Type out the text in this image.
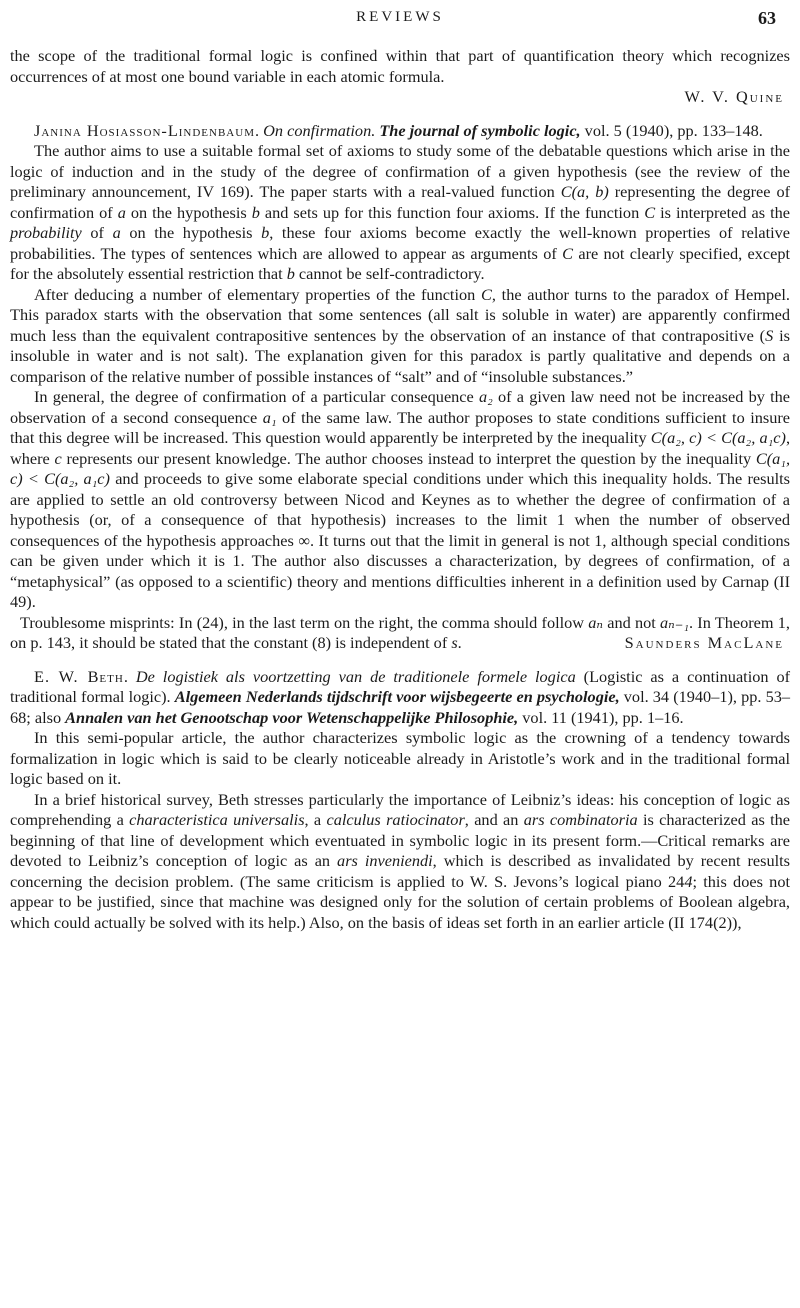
REVIEWS	63

the scope of the traditional formal logic is confined within that part of quantification theory which recognizes occurrences of at most one bound variable in each atomic formula.

W. V. Quine

Janina Hosiasson-Lindenbaum. On confirmation. The journal of symbolic logic, vol. 5 (1940), pp. 133–148.

The author aims to use a suitable formal set of axioms to study some of the debatable questions which arise in the logic of induction and in the study of the degree of confirmation of a given hypothesis (see the review of the preliminary announcement, IV 169). The paper starts with a real-valued function C(a, b) representing the degree of confirmation of a on the hypothesis b and sets up for this function four axioms. If the function C is interpreted as the probability of a on the hypothesis b, these four axioms become exactly the well-known properties of relative probabilities. The types of sentences which are allowed to appear as arguments of C are not clearly specified, except for the absolutely essential restriction that b cannot be self-contradictory.

After deducing a number of elementary properties of the function C, the author turns to the paradox of Hempel. This paradox starts with the observation that some sentences (all salt is soluble in water) are apparently confirmed much less than the equivalent contrapositive sentences by the observation of an instance of that contrapositive (S is insoluble in water and is not salt). The explanation given for this paradox is partly qualitative and depends on a comparison of the relative number of possible instances of “salt” and of “insoluble substances.”

In general, the degree of confirmation of a particular consequence a₂ of a given law need not be increased by the observation of a second consequence a₁ of the same law. The author proposes to state conditions sufficient to insure that this degree will be increased. This question would apparently be interpreted by the inequality C(a₂, c) < C(a₂, a₁c), where c represents our present knowledge. The author chooses instead to interpret the question by the inequality C(a₁, c) < C(a₂, a₁c) and proceeds to give some elaborate special conditions under which this inequality holds. The results are applied to settle an old controversy between Nicod and Keynes as to whether the degree of confirmation of a hypothesis (or, of a consequence of that hypothesis) increases to the limit 1 when the number of observed consequences of the hypothesis approaches ∞. It turns out that the limit in general is not 1, although special conditions can be given under which it is 1. The author also discusses a characterization, by degrees of confirmation, of a “metaphysical” (as opposed to a scientific) theory and mentions difficulties inherent in a definition used by Carnap (II 49).

Troublesome misprints: In (24), in the last term on the right, the comma should follow aₙ and not aₙ₋₁. In Theorem 1, on p. 143, it should be stated that the constant (8) is independent of s.	Saunders MacLane

E. W. Beth. De logistiek als voortzetting van de traditionele formele logica (Logistic as a continuation of traditional formal logic). Algemeen Nederlands tijdschrift voor wijsbegeerte en psychologie, vol. 34 (1940–1), pp. 53–68; also Annalen van het Genootschap voor Wetenschappelijke Philosophie, vol. 11 (1941), pp. 1–16.

In this semi-popular article, the author characterizes symbolic logic as the crowning of a tendency towards formalization in logic which is said to be clearly noticeable already in Aristotle’s work and in the traditional formal logic based on it.

In a brief historical survey, Beth stresses particularly the importance of Leibniz’s ideas: his conception of logic as comprehending a characteristica universalis, a calculus ratiocinator, and an ars combinatoria is characterized as the beginning of that line of development which eventuated in symbolic logic in its present form.—Critical remarks are devoted to Leibniz’s conception of logic as an ars inveniendi, which is described as invalidated by recent results concerning the decision problem. (The same criticism is applied to W. S. Jevons’s logical piano 244; this does not appear to be justified, since that machine was designed only for the solution of certain problems of Boolean algebra, which could actually be solved with its help.) Also, on the basis of ideas set forth in an earlier article (II 174(2)),
